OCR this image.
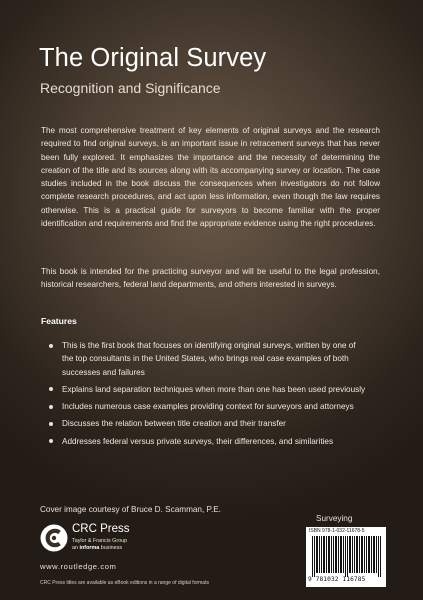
The Original Survey
Recognition and Significance

The most comprehensive treatment of key elements of original surveys and the research required to find original surveys, is an important issue in retracement surveys that has never been fully explored. It emphasizes the importance and the necessity of determining the creation of the title and its sources along with its accompanying survey or location. The case studies included in the book discuss the consequences when investigators do not follow complete research procedures, and act upon less information, even though the law requires otherwise. This is a practical guide for surveyors to become familiar with the proper identification and requirements and find the appropriate evidence using the right procedures.

This book is intended for the practicing surveyor and will be useful to the legal profession, historical researchers, federal land departments, and others interested in surveys.

Features
This is the first book that focuses on identifying original surveys, written by one of the top consultants in the United States, who brings real case examples of both successes and failures
Explains land separation techniques when more than one has been used previously
Includes numerous case examples providing context for surveyors and attorneys
Discusses the relation between title creation and their transfer
Addresses federal versus private surveys, their differences, and similarities
Cover image courtesy of Bruce D. Scamman, P.E.
Surveying
CRC Press
Taylor & Francis Group
an informa business
www.routledge.com
CRC Press titles are available as eBook editions in a range of digital formats
ISBN 978-1-032-11678-5
9 781032 116785
